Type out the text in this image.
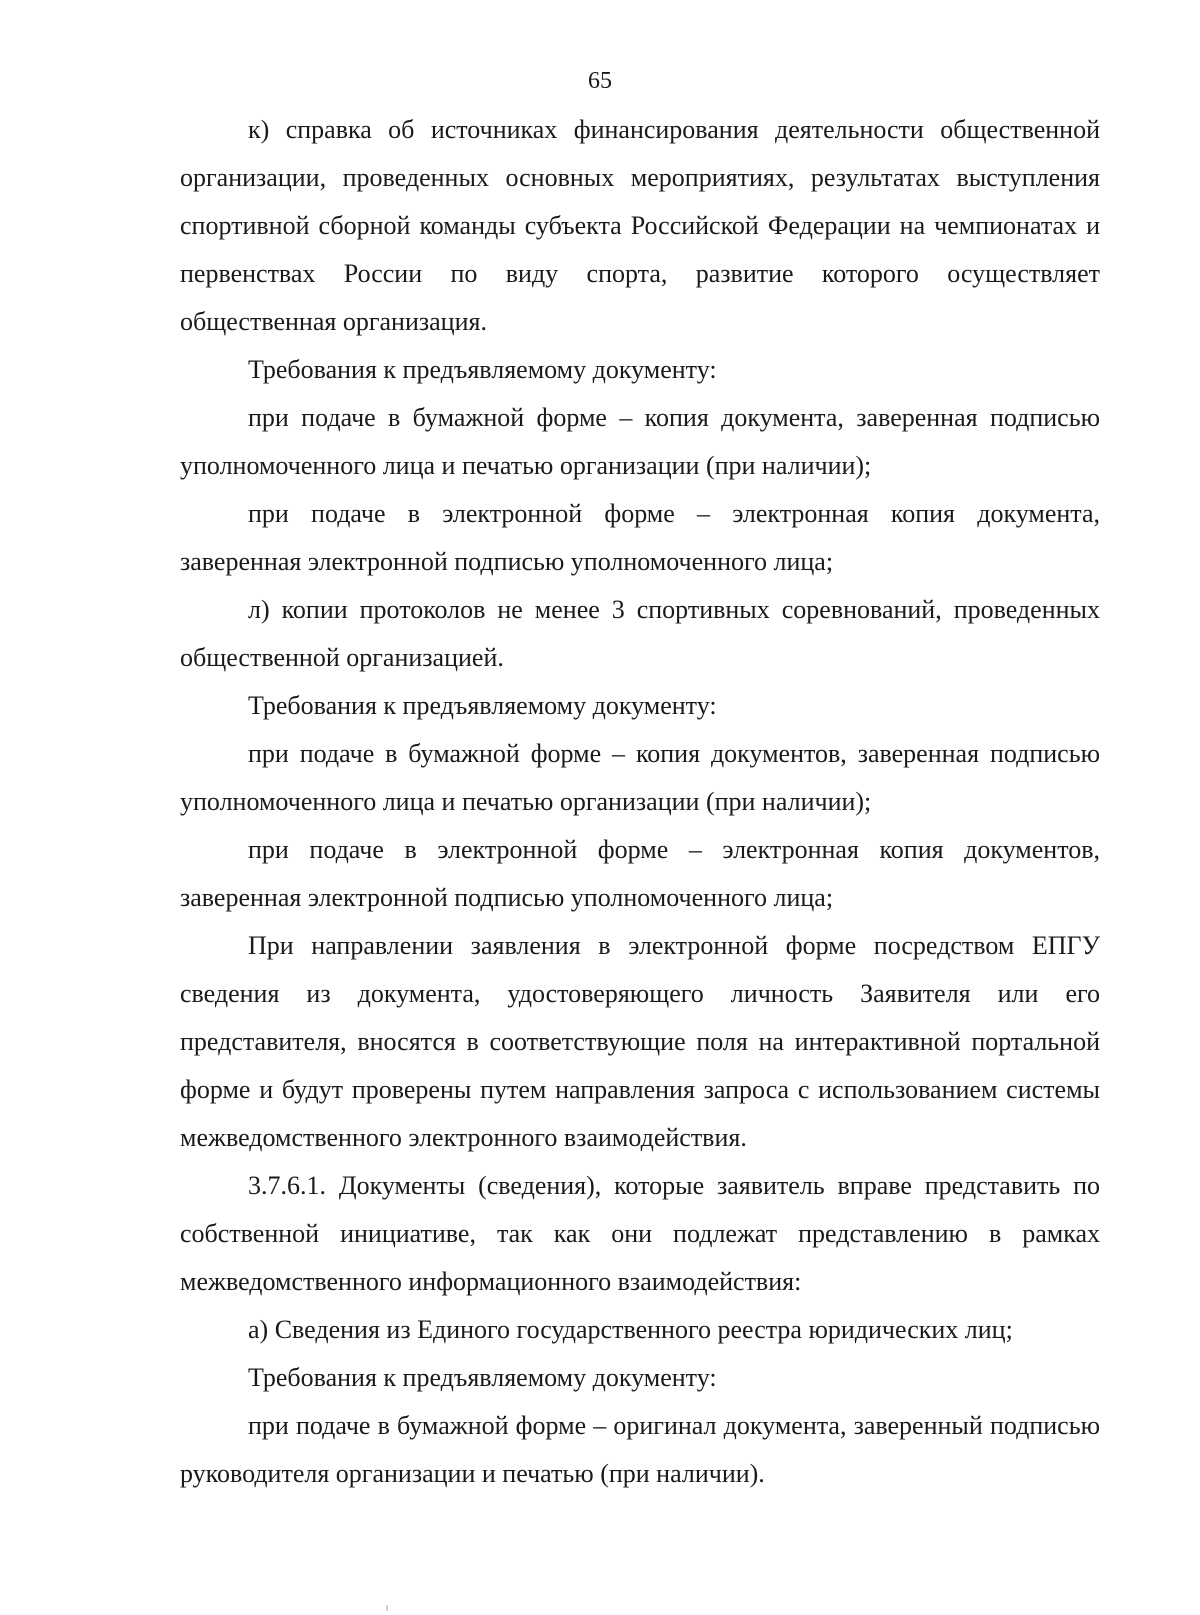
65

к) справка об источниках финансирования деятельности общественной организации, проведенных основных мероприятиях, результатах выступления спортивной сборной команды субъекта Российской Федерации на чемпионатах и первенствах России по виду спорта, развитие которого осуществляет общественная организация.

Требования к предъявляемому документу:

при подаче в бумажной форме – копия документа, заверенная подписью уполномоченного лица и печатью организации (при наличии);

при подаче в электронной форме – электронная копия документа, заверенная электронной подписью уполномоченного лица;

л) копии протоколов не менее 3 спортивных соревнований, проведенных общественной организацией.

Требования к предъявляемому документу:

при подаче в бумажной форме – копия документов, заверенная подписью уполномоченного лица и печатью организации (при наличии);

при подаче в электронной форме – электронная копия документов, заверенная электронной подписью уполномоченного лица;

При направлении заявления в электронной форме посредством ЕПГУ сведения из документа, удостоверяющего личность Заявителя или его представителя, вносятся в соответствующие поля на интерактивной портальной форме и будут проверены путем направления запроса с использованием системы межведомственного электронного взаимодействия.

3.7.6.1. Документы (сведения), которые заявитель вправе представить по собственной инициативе, так как они подлежат представлению в рамках межведомственного информационного взаимодействия:

а) Сведения из Единого государственного реестра юридических лиц;

Требования к предъявляемому документу:

при подаче в бумажной форме – оригинал документа, заверенный подписью руководителя организации и печатью (при наличии).
